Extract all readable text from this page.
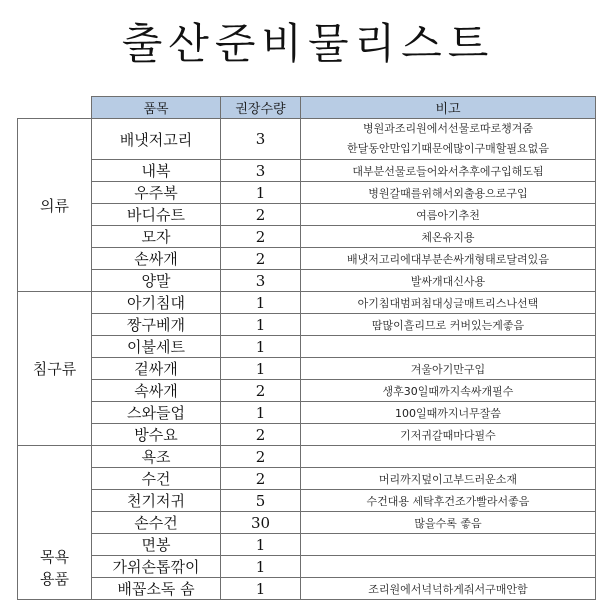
출산준비물리스트
	품목	권장수량	비고
의류	배냇저고리	3	병원과조리원에서선물로따로챙겨줌
한달동안만입기때문에많이구매할필요없음

	내복	3	대부분선물로들어와서추후에구입해도됨
	우주복	1	병원갈때를위해서외출용으로구입
	바디슈트	2	여름아기추천
	모자	2	체온유지용
	손싸개	2	배냇저고리에대부분손싸개형태로달려있음
	양말	3	발싸개대신사용
침구류	아기침대	1	아기침대범퍼침대싱글매트리스나선택
	짱구베개	1	땀많이흘리므로 커버있는게좋음
	이불세트	1	
	겉싸개	1	겨울아기만구입
	속싸개	2	생후30일때까지속싸개필수
	스와들업	1	100일때까지너무잘씀
	방수요	2	기저귀갈때마다필수

목욕
용품	욕조	2	
	수건	2	머리까지덮이고부드러운소재
	천기저귀	5	수건대용 세탁후건조가빨라서좋음
	손수건	30	많을수록 좋음
	면봉	1	
	가위손톱깎이	1	
	배꼽소독 솜	1	조리원에서넉넉하게줘서구매안함
